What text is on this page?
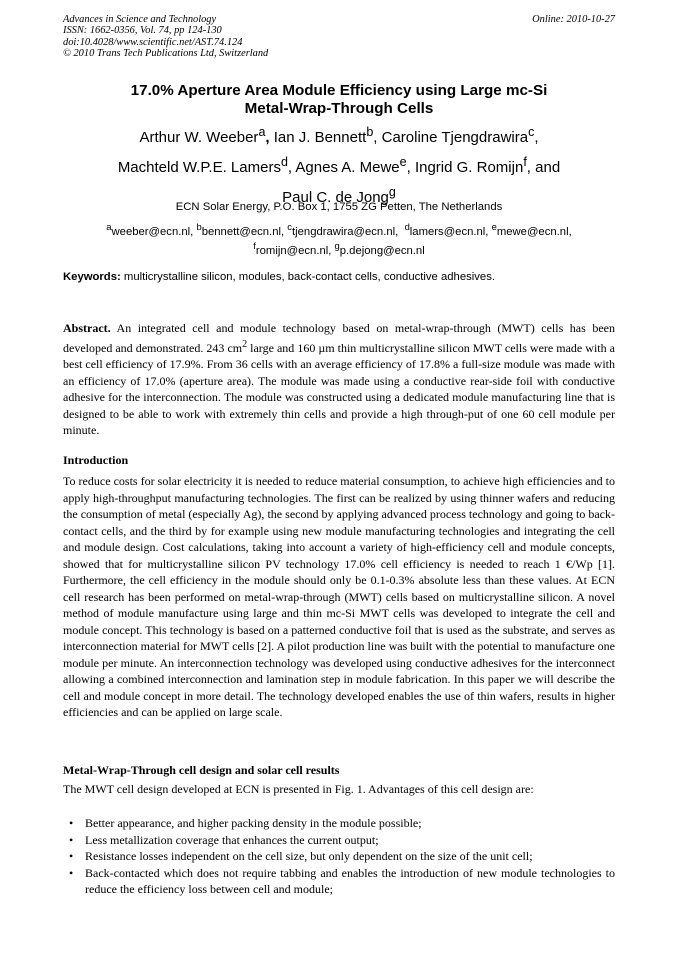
Advances in Science and Technology
ISSN: 1662-0356, Vol. 74, pp 124-130
doi:10.4028/www.scientific.net/AST.74.124
© 2010 Trans Tech Publications Ltd, Switzerland
Online: 2010-10-27
17.0% Aperture Area Module Efficiency using Large mc-Si
Metal-Wrap-Through Cells
Arthur W. Weeber$^a$, Ian J. Bennett$^b$, Caroline Tjengdrawira$^c$,
Machteld W.P.E. Lamers$^d$, Agnes A. Mewe$^e$, Ingrid G. Romijn$^f$, and
Paul C. de Jong$^g$
ECN Solar Energy, P.O. Box 1, 1755 ZG Petten, The Netherlands
$^a$weeber@ecn.nl, $^b$bennett@ecn.nl, $^c$tjengdrawira@ecn.nl, $^d$lamers@ecn.nl, $^e$mewe@ecn.nl,
$^f$romijn@ecn.nl, $^g$p.dejong@ecn.nl
Keywords: multicrystalline silicon, modules, back-contact cells, conductive adhesives.
Abstract. An integrated cell and module technology based on metal-wrap-through (MWT) cells has been developed and demonstrated. 243 $cm^2$ large and 160 µm thin multicrystalline silicon MWT cells were made with a best cell efficiency of 17.9%. From 36 cells with an average efficiency of 17.8% a full-size module was made with an efficiency of 17.0% (aperture area). The module was made using a conductive rear-side foil with conductive adhesive for the interconnection. The module was constructed using a dedicated module manufacturing line that is designed to be able to work with extremely thin cells and provide a high through-put of one 60 cell module per minute.
Introduction
To reduce costs for solar electricity it is needed to reduce material consumption, to achieve high efficiencies and to apply high-throughput manufacturing technologies. The first can be realized by using thinner wafers and reducing the consumption of metal (especially Ag), the second by applying advanced process technology and going to back-contact cells, and the third by for example using new module manufacturing technologies and integrating the cell and module design. Cost calculations, taking into account a variety of high-efficiency cell and module concepts, showed that for multicrystalline silicon PV technology 17.0% cell efficiency is needed to reach 1 €/Wp [1]. Furthermore, the cell efficiency in the module should only be 0.1-0.3% absolute less than these values. At ECN cell research has been performed on metal-wrap-through (MWT) cells based on multicrystalline silicon. A novel method of module manufacture using large and thin mc-Si MWT cells was developed to integrate the cell and module concept. This technology is based on a patterned conductive foil that is used as the substrate, and serves as interconnection material for MWT cells [2]. A pilot production line was built with the potential to manufacture one module per minute. An interconnection technology was developed using conductive adhesives for the interconnect allowing a combined interconnection and lamination step in module fabrication. In this paper we will describe the cell and module concept in more detail. The technology developed enables the use of thin wafers, results in higher efficiencies and can be applied on large scale.
Metal-Wrap-Through cell design and solar cell results
The MWT cell design developed at ECN is presented in Fig. 1. Advantages of this cell design are:
• Better appearance, and higher packing density in the module possible;
• Less metallization coverage that enhances the current output;
• Resistance losses independent on the cell size, but only dependent on the size of the unit cell;
• Back-contacted which does not require tabbing and enables the introduction of new module technologies to reduce the efficiency loss between cell and module;
